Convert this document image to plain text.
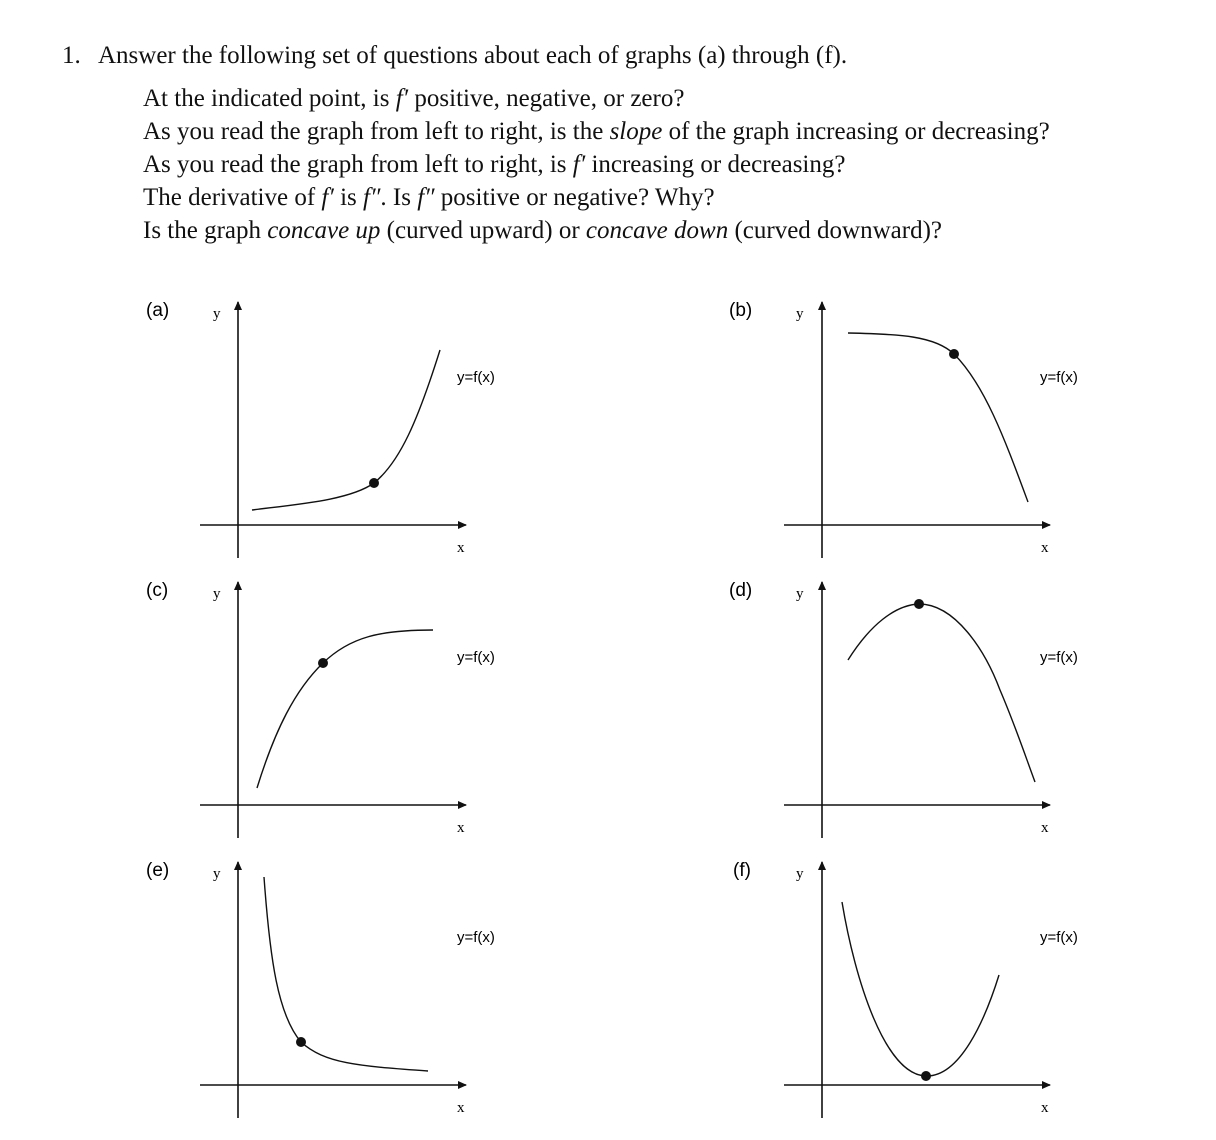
1. Answer the following set of questions about each of graphs (a) through (f).
At the indicated point, is f′ positive, negative, or zero?
As you read the graph from left to right, is the slope of the graph increasing or decreasing?
As you read the graph from left to right, is f′ increasing or decreasing?
The derivative of f′ is f″. Is f″ positive or negative? Why?
Is the graph concave up (curved upward) or concave down (curved downward)?
(a)	y
x
y=f(x)
(b)	y
x
y=f(x)
(c)	y
x
y=f(x)
(d)	y
x
y=f(x)
(e)	y
x
y=f(x)
(f)	y
x
y=f(x)
